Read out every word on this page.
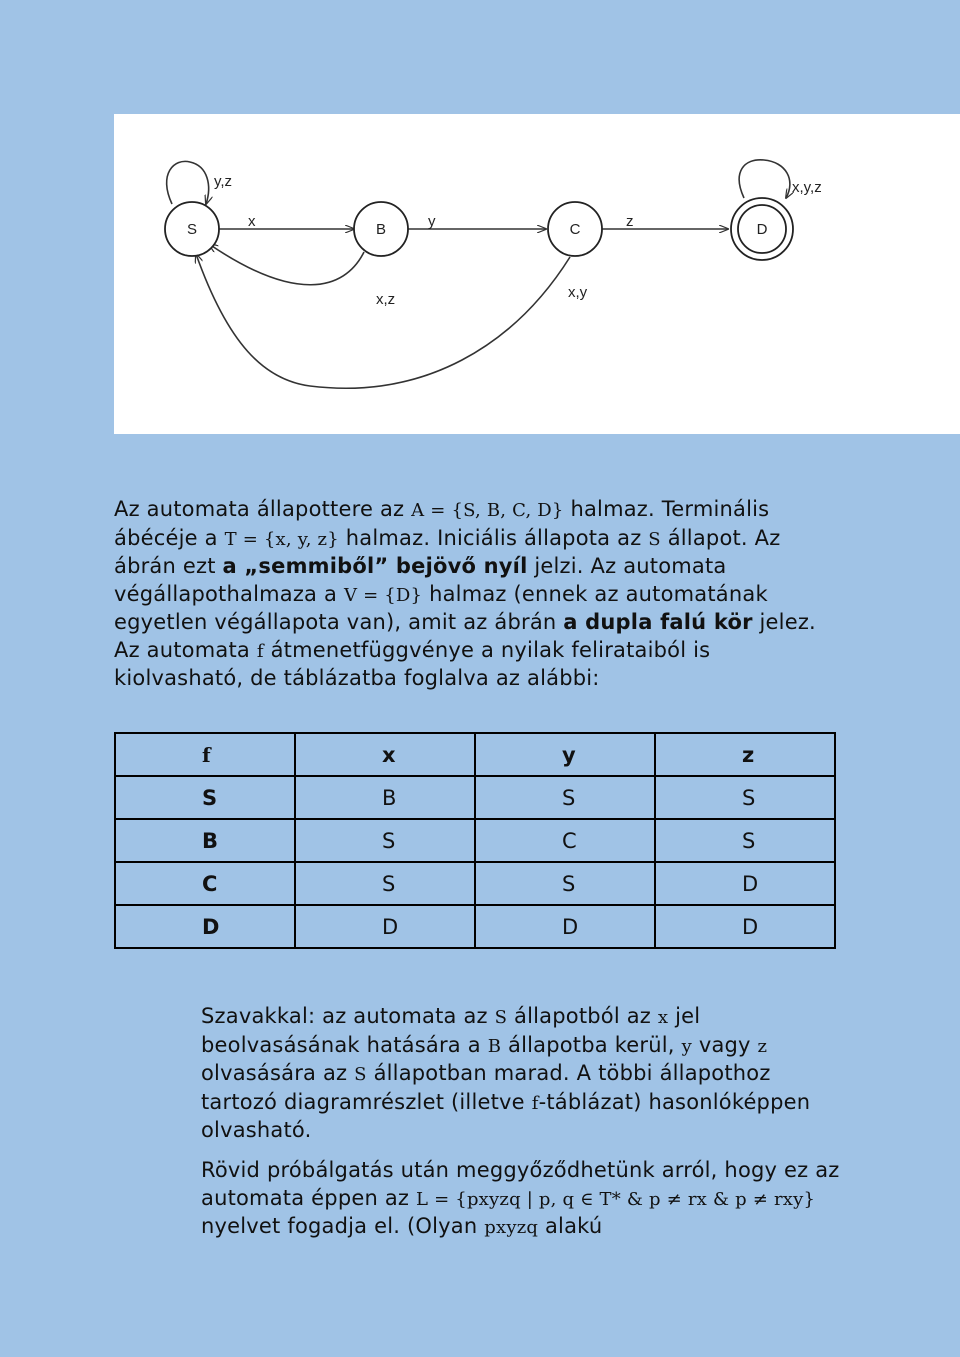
S	B	C	D
y,z
x	y	z
x,y,z
x,z	x,y
Az automata állapottere az A = {S, B, C, D} halmaz. Terminális ábécéje a T = {x, y, z} halmaz. Iniciális állapota az S állapot. Az ábrán ezt a „semmiből” bejövő nyíl jelzi. Az automata végállapothalmaza a V = {D} halmaz (ennek az automatának egyetlen végállapota van), amit az ábrán a dupla falú kör jelez. Az automata f átmenetfüggvénye a nyilak felirataiból is kiolvasható, de táblázatba foglalva az alábbi:
f	x	y	z
S	B	S	S
B	S	C	S
C	S	S	D
D	D	D	D
Szavakkal: az automata az S állapotból az x jel beolvasásának hatására a B állapotba kerül, y vagy z olvasására az S állapotban marad. A többi állapothoz tartozó diagramrészlet (illetve f-táblázat) hasonlóképpen olvasható.
Rövid próbálgatás után meggyőződhetünk arról, hogy ez az automata éppen az L = {pxyzq | p, q ∈ T* & p ≠ rx & p ≠ rxy} nyelvet fogadja el. (Olyan pxyzq alakú
